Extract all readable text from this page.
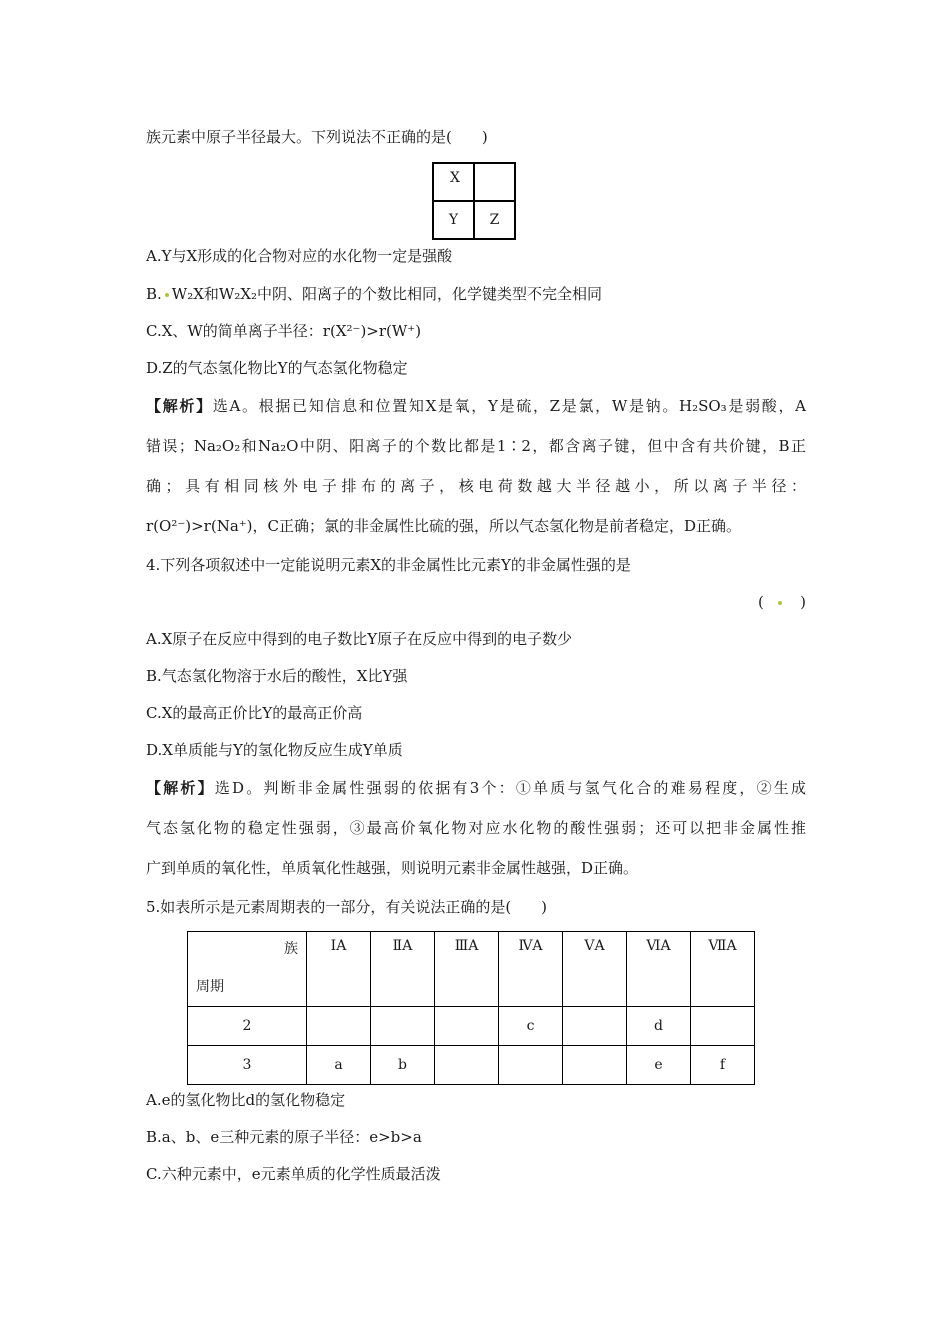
族元素中原子半径最大。下列说法不正确的是(　　)
X	
Y	Z
A.Y与X形成的化合物对应的水化物一定是强酸
B. W₂X和W₂X₂中阴、阳离子的个数比相同，化学键类型不完全相同
C.X、W的简单离子半径：r(X²⁻)>r(W⁺)
D.Z的气态氢化物比Y的气态氢化物稳定
【解析】选A。根据已知信息和位置知X是氧，Y是硫，Z是氯，W是钠。H₂SO₃是弱酸，A
错误；Na₂O₂和Na₂O中阴、阳离子的个数比都是1∶2，都含离子键，但中含有共价键，B正
确；具有相同核外电子排布的离子，核电荷数越大半径越小，所以离子半径：
r(O²⁻)>r(Na⁺)，C正确；氯的非金属性比硫的强，所以气态氢化物是前者稳定，D正确。
4.下列各项叙述中一定能说明元素X的非金属性比元素Y的非金属性强的是
( )
A.X原子在反应中得到的电子数比Y原子在反应中得到的电子数少
B.气态氢化物溶于水后的酸性，X比Y强
C.X的最高正价比Y的最高正价高
D.X单质能与Y的氢化物反应生成Y单质
【解析】选D。判断非金属性强弱的依据有3个：①单质与氢气化合的难易程度，②生成
气态氢化物的稳定性强弱，③最高价氧化物对应水化物的酸性强弱；还可以把非金属性推
广到单质的氧化性，单质氧化性越强，则说明元素非金属性越强，D正确。
5.如表所示是元素周期表的一部分，有关说法正确的是(　　)
族
周期	ⅠA	ⅡA	ⅢA	ⅣA	ⅤA	ⅥA	ⅦA
2				c		d	
3	a	b				e	f
A.e的氢化物比d的氢化物稳定
B.a、b、e三种元素的原子半径：e>b>a
C.六种元素中，e元素单质的化学性质最活泼
